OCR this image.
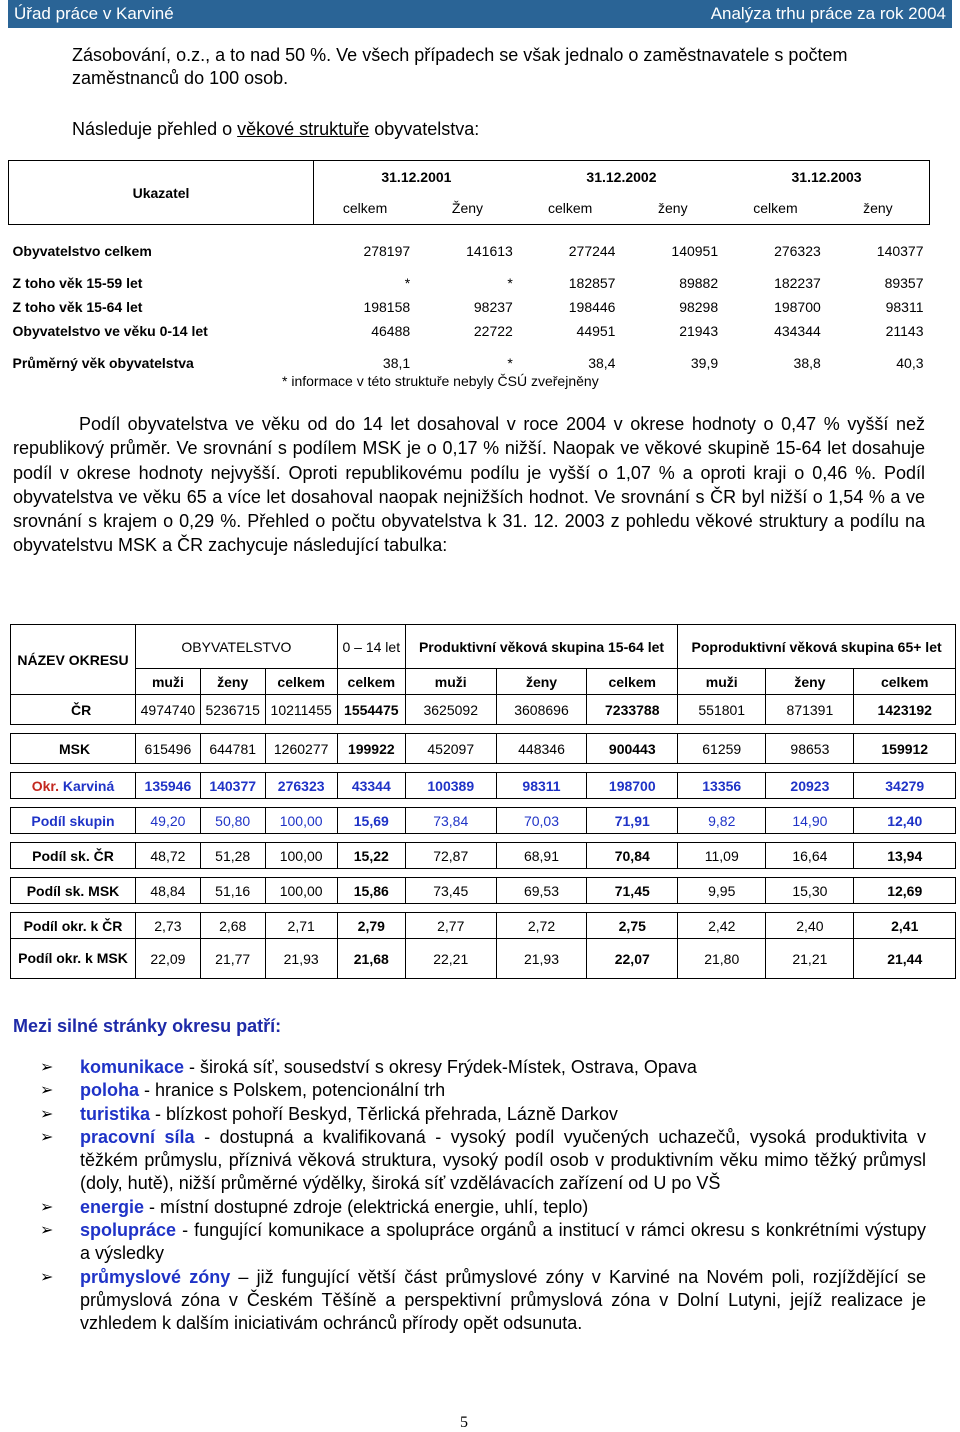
Úřad práce v Karviné	Analýza trhu práce za rok 2004
Zásobování, o.z., a to nad 50 %. Ve všech případech se však jednalo o zaměstnavatele s počtem zaměstnanců do 100 osob.
Následuje přehled o věkové struktuře obyvatelstva:
Ukazatel	31.12.2001		31.12.2002		31.12.2003	
	celkem	Ženy	celkem	ženy	celkem	ženy

Obyvatelstvo celkem	278197	141613	277244	140951	276323	140377

Z toho věk 15-59 let	*	*	182857	89882	182237	89357
Z toho věk 15-64 let	198158	98237	198446	98298	198700	98311
Obyvatelstvo ve věku 0-14 let	46488	22722	44951	21943	434344	21143

Průměrný věk obyvatelstva	38,1	*	38,4	39,9	38,8	40,3
* informace v této struktuře nebyly ČSÚ zveřejněny
Podíl obyvatelstva ve věku od do 14 let dosahoval v roce 2004 v okrese hodnoty o 0,47 % vyšší než republikový průměr. Ve srovnání s podílem MSK je o 0,17 % nižší. Naopak ve věkové skupině 15-64 let dosahuje podíl v okrese hodnoty nejvyšší. Oproti republikovému podílu je vyšší o 1,07 % a oproti kraji o 0,46 %. Podíl obyvatelstva ve věku 65 a více let dosahoval naopak nejnižších hodnot. Ve srovnání s ČR byl nižší o 1,54 % a ve srovnání s krajem o 0,29 %. Přehled o počtu obyvatelstva k 31. 12. 2003 z pohledu věkové struktury a podílu na obyvatelstvu MSK a ČR zachycuje následující tabulka:
NÁZEV OKRESU	OBYVATELSTVO			0 – 14 let	Produktivní věková skupina 15-64 let			Poproduktivní věková skupina 65+ let		
	muži	ženy	celkem	celkem	muži	ženy	celkem	muži	ženy	celkem
ČR	4974740	5236715	10211455	1554475	3625092	3608696	7233788	551801	871391	1423192

MSK	615496	644781	1260277	199922	452097	448346	900443	61259	98653	159912

Okr. Karviná	135946	140377	276323	43344	100389	98311	198700	13356	20923	34279

Podíl skupin	49,20	50,80	100,00	15,69	73,84	70,03	71,91	9,82	14,90	12,40

Podíl sk. ČR	48,72	51,28	100,00	15,22	72,87	68,91	70,84	11,09	16,64	13,94

Podíl sk. MSK	48,84	51,16	100,00	15,86	73,45	69,53	71,45	9,95	15,30	12,69

Podíl okr. k ČR	2,73	2,68	2,71	2,79	2,77	2,72	2,75	2,42	2,40	2,41
Podíl okr. k MSK	22,09	21,77	21,93	21,68	22,21	21,93	22,07	21,80	21,21	21,44
Mezi silné stránky okresu patří:
➢ komunikace - široká síť, sousedství s okresy Frýdek-Místek, Ostrava, Opava
➢ poloha - hranice s Polskem, potencionální trh
➢ turistika - blízkost pohoří Beskyd, Těrlická přehrada, Lázně Darkov
➢ pracovní síla - dostupná a kvalifikovaná - vysoký podíl vyučených uchazečů, vysoká produktivita v těžkém průmyslu, příznivá věková struktura, vysoký podíl osob v produktivním věku mimo těžký průmysl (doly, hutě), nižší průměrné výdělky, široká síť vzdělávacích zařízení od U po VŠ
➢ energie - místní dostupné zdroje (elektrická energie, uhlí, teplo)
➢ spolupráce - fungující komunikace a spolupráce orgánů a institucí v rámci okresu s konkrétními výstupy a výsledky
➢ průmyslové zóny – již fungující větší část průmyslové zóny v Karviné na Novém poli, rozjíždějící se průmyslová zóna v Českém Těšíně a perspektivní průmyslová zóna v Dolní Lutyni, jejíž realizace je vzhledem k dalším iniciativám ochránců přírody opět odsunuta.
5
